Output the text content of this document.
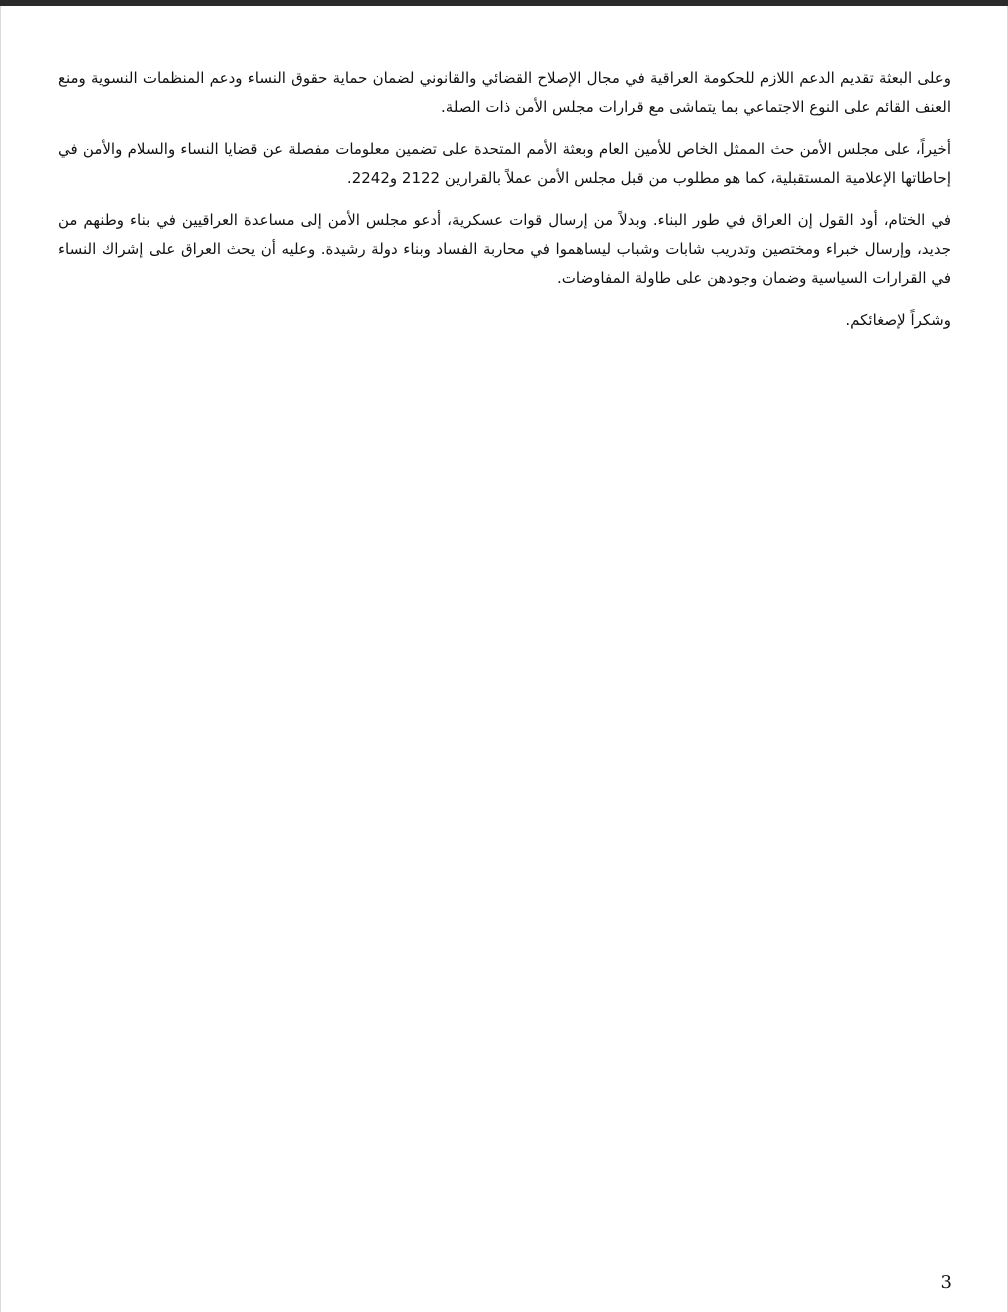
وعلى البعثة تقديم الدعم اللازم للحكومة العراقية في مجال الإصلاح القضائي والقانوني لضمان حماية حقوق النساء ودعم المنظمات النسوية ومنع العنف القائم على النوع الاجتماعي بما يتماشى مع قرارات مجلس الأمن ذات الصلة.

أخيراً، على مجلس الأمن حث الممثل الخاص للأمين العام وبعثة الأمم المتحدة على تضمين معلومات مفصلة عن قضايا النساء والسلام والأمن في إحاطاتها الإعلامية المستقبلية، كما هو مطلوب من قبل مجلس الأمن عملاً بالقرارين 2122 و2242.

في الختام، أود القول إن العراق في طور البناء. وبدلاً من إرسال قوات عسكرية، أدعو مجلس الأمن إلى مساعدة العراقيين في بناء وطنهم من جديد، وإرسال خبراء ومختصين وتدريب شابات وشباب ليساهموا في محاربة الفساد وبناء دولة رشيدة. وعليه أن يحث العراق على إشراك النساء في القرارات السياسية وضمان وجودهن على طاولة المفاوضات.

وشكراً لإصغائكم.

3
